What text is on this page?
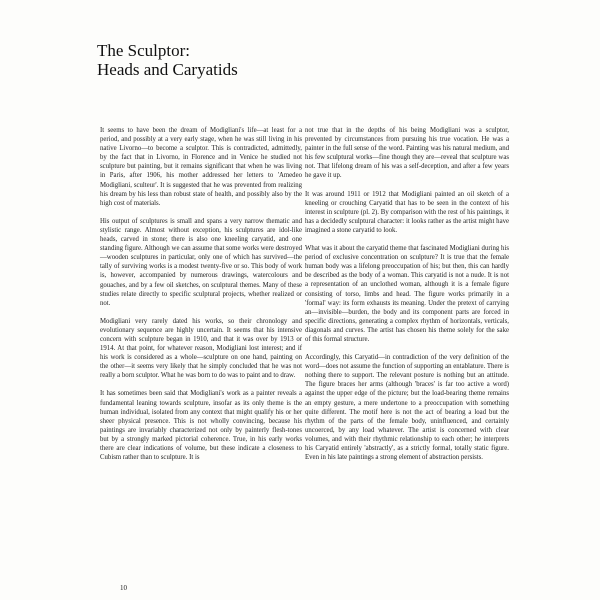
The Sculptor:
Heads and Caryatids

It seems to have been the dream of Modigliani's life—at least for a period, and possibly at a very early stage, when he was still living in his native Livorno—to become a sculptor. This is contradicted, admittedly, by the fact that in Livorno, in Florence and in Venice he studied not sculpture but painting, but it remains significant that when he was living in Paris, after 1906, his mother addressed her letters to 'Amedeo Modigliani, sculteur'. It is suggested that he was prevented from realizing his dream by his less than robust state of health, and possibly also by the high cost of materials.

His output of sculptures is small and spans a very narrow thematic and stylistic range. Almost without exception, his sculptures are idol-like heads, carved in stone; there is also one kneeling caryatid, and one standing figure. Although we can assume that some works were destroyed—wooden sculptures in particular, only one of which has survived—the tally of surviving works is a modest twenty-five or so. This body of work is, however, accompanied by numerous drawings, watercolours and gouaches, and by a few oil sketches, on sculptural themes. Many of these studies relate directly to specific sculptural projects, whether realized or not.

Modigliani very rarely dated his works, so their chronology and evolutionary sequence are highly uncertain. It seems that his intensive concern with sculpture began in 1910, and that it was over by 1913 or 1914. At that point, for whatever reason, Modigliani lost interest; and if his work is considered as a whole—sculpture on one hand, painting on the other—it seems very likely that he simply concluded that he was not really a born sculptor. What he was born to do was to paint and to draw.

It has sometimes been said that Modigliani's work as a painter reveals a fundamental leaning towards sculpture, insofar as its only theme is the human individual, isolated from any context that might qualify his or her sheer physical presence. This is not wholly convincing, because his paintings are invariably characterized not only by painterly flesh-tones but by a strongly marked pictorial coherence. True, in his early works there are clear indications of volume, but these indicate a closeness to Cubism rather than to sculpture. It is

not true that in the depths of his being Modigliani was a sculptor, prevented by circumstances from pursuing his true vocation. He was a painter in the full sense of the word. Painting was his natural medium, and his few sculptural works—fine though they are—reveal that sculpture was not. That lifelong dream of his was a self-deception, and after a few years he gave it up.

It was around 1911 or 1912 that Modigliani painted an oil sketch of a kneeling or crouching Caryatid that has to be seen in the context of his interest in sculpture (pl. 2). By comparison with the rest of his paintings, it has a decidedly sculptural character: it looks rather as the artist might have imagined a stone caryatid to look.

What was it about the caryatid theme that fascinated Modigliani during his period of exclusive concentration on sculpture? It is true that the female human body was a lifelong preoccupation of his; but then, this can hardly be described as the body of a woman. This caryatid is not a nude. It is not a representation of an unclothed woman, although it is a female figure consisting of torso, limbs and head. The figure works primarily in a 'formal' way: its form exhausts its meaning. Under the pretext of carrying an—invisible—burden, the body and its component parts are forced in specific directions, generating a complex rhythm of horizontals, verticals, diagonals and curves. The artist has chosen his theme solely for the sake of this formal structure.

Accordingly, this Caryatid—in contradiction of the very definition of the word—does not assume the function of supporting an entablature. There is nothing there to support. The relevant posture is nothing but an attitude. The figure braces her arms (although 'braces' is far too active a word) against the upper edge of the picture; but the load-bearing theme remains an empty gesture, a mere undertone to a preoccupation with something quite different. The motif here is not the act of bearing a load but the rhythm of the parts of the female body, uninfluenced, and certainly uncoerced, by any load whatever. The artist is concerned with clear volumes, and with their rhythmic relationship to each other; he interprets his Caryatid entirely 'abstractly', as a strictly formal, totally static figure. Even in his late paintings a strong element of abstraction persists.

10
